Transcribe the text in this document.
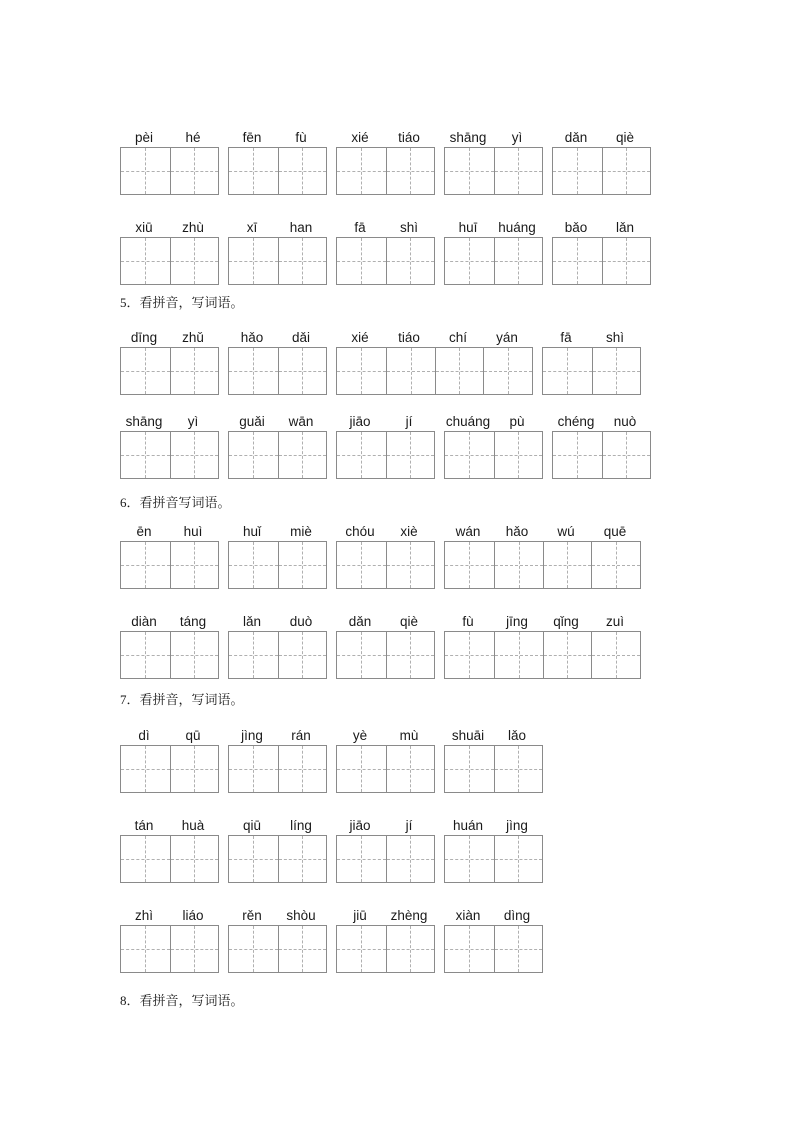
5．看拼音，写词语。
6．看拼音写词语。
7．看拼音，写词语。
8．看拼音，写词语。
pèi	hé	fēn	fù	xié	tiáo	shāng	yì	dǎn	qiè
xiū	zhù	xī	han	fā	shì	huī	huáng	bǎo	lǎn
dīng	zhǔ	hǎo	dǎi	xié	tiáo	chí	yán	fā	shì
shāng	yì	guǎi	wān	jiāo	jí	chuáng	pù	chéng	nuò
ēn	huì	huǐ	miè	chóu	xiè	wán	hǎo	wú	quē
diàn	táng	lǎn	duò	dǎn	qiè	fù	jīng	qǐng	zuì
dì	qū	jìng	rán	yè	mù	shuāi	lǎo
tán	huà	qiū	líng	jiāo	jí	huán	jìng
zhì	liáo	rěn	shòu	jiū	zhèng	xiàn	dìng
